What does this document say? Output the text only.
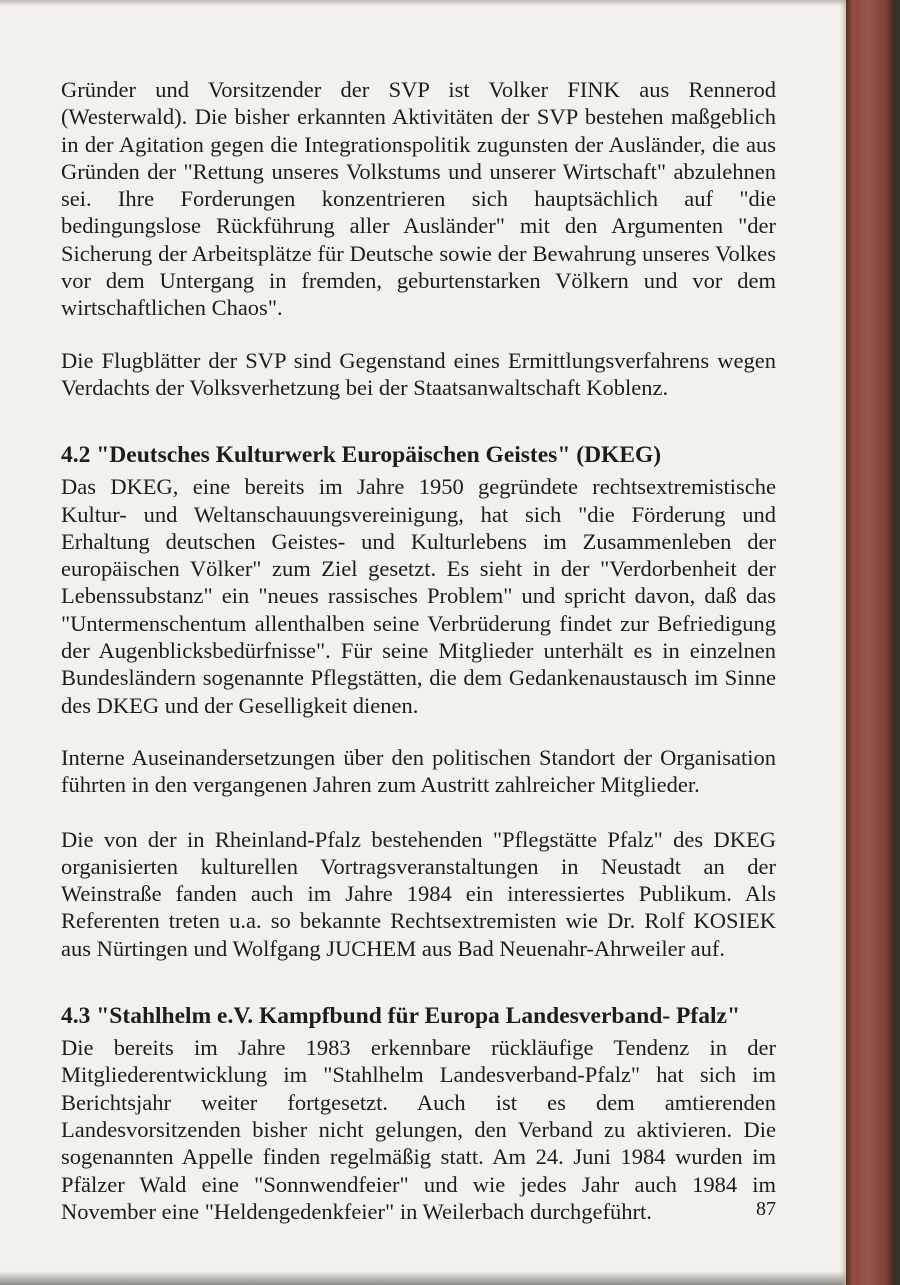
Gründer und Vorsitzender der SVP ist Volker FINK aus Rennerod (Westerwald). Die bisher erkannten Aktivitäten der SVP bestehen maßgeblich in der Agitation gegen die Integrationspolitik zugunsten der Ausländer, die aus Gründen der "Rettung unseres Volkstums und unserer Wirtschaft" abzulehnen sei. Ihre Forderungen konzentrieren sich hauptsächlich auf "die bedingungslose Rückführung aller Ausländer" mit den Argumenten "der Sicherung der Arbeitsplätze für Deutsche sowie der Bewahrung unseres Volkes vor dem Untergang in fremden, geburtenstarken Völkern und vor dem wirtschaftlichen Chaos".

Die Flugblätter der SVP sind Gegenstand eines Ermittlungsverfahrens wegen Verdachts der Volksverhetzung bei der Staatsanwaltschaft Koblenz.

4.2 "Deutsches Kulturwerk Europäischen Geistes" (DKEG)

Das DKEG, eine bereits im Jahre 1950 gegründete rechtsextremistische Kultur- und Weltanschauungsvereinigung, hat sich "die Förderung und Erhaltung deutschen Geistes- und Kulturlebens im Zusammenleben der europäischen Völker" zum Ziel gesetzt. Es sieht in der "Verdorbenheit der Lebenssubstanz" ein "neues rassisches Problem" und spricht davon, daß das "Untermenschentum allenthalben seine Verbrüderung findet zur Befriedigung der Augenblicksbedürfnisse". Für seine Mitglieder unterhält es in einzelnen Bundesländern sogenannte Pflegstätten, die dem Gedankenaustausch im Sinne des DKEG und der Geselligkeit dienen.

Interne Auseinandersetzungen über den politischen Standort der Organisation führten in den vergangenen Jahren zum Austritt zahlreicher Mitglieder.

Die von der in Rheinland-Pfalz bestehenden "Pflegstätte Pfalz" des DKEG organisierten kulturellen Vortragsveranstaltungen in Neustadt an der Weinstraße fanden auch im Jahre 1984 ein interessiertes Publikum. Als Referenten treten u.a. so bekannte Rechtsextremisten wie Dr. Rolf KOSIEK aus Nürtingen und Wolfgang JUCHEM aus Bad Neuenahr-Ahrweiler auf.

4.3 "Stahlhelm e.V. Kampfbund für Europa Landesverband- Pfalz"

Die bereits im Jahre 1983 erkennbare rückläufige Tendenz in der Mitgliederentwicklung im "Stahlhelm Landesverband-Pfalz" hat sich im Berichtsjahr weiter fortgesetzt. Auch ist es dem amtierenden Landesvorsitzenden bisher nicht gelungen, den Verband zu aktivieren. Die sogenannten Appelle finden regelmäßig statt. Am 24. Juni 1984 wurden im Pfälzer Wald eine "Sonnwendfeier" und wie jedes Jahr auch 1984 im November eine "Heldengedenkfeier" in Weilerbach durchgeführt.	87
